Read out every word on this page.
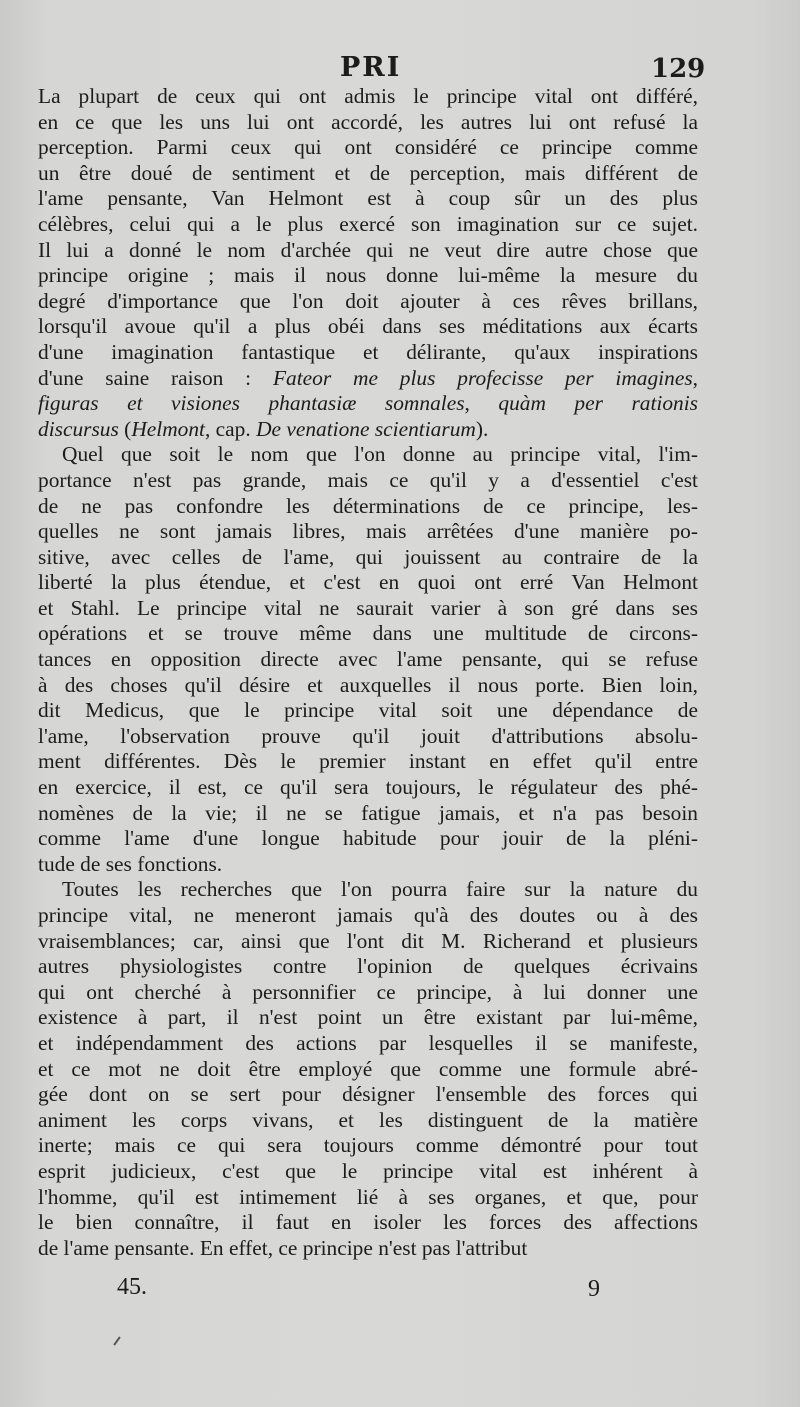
PRI	129
La plupart de ceux qui ont admis le principe vital ont différé,
en ce que les uns lui ont accordé, les autres lui ont refusé la
perception. Parmi ceux qui ont considéré ce principe comme
un être doué de sentiment et de perception, mais différent de
l'ame pensante, Van Helmont est à coup sûr un des plus
célèbres, celui qui a le plus exercé son imagination sur ce sujet.
Il lui a donné le nom d'archée qui ne veut dire autre chose que
principe origine ; mais il nous donne lui-même la mesure du
degré d'importance que l'on doit ajouter à ces rêves brillans,
lorsqu'il avoue qu'il a plus obéi dans ses méditations aux écarts
d'une imagination fantastique et délirante, qu'aux inspirations
d'une saine raison : Fateor me plus profecisse per imagines,
figuras et visiones phantasiæ somnales, quàm per rationis
discursus (Helmont, cap. De venatione scientiarum).
Quel que soit le nom que l'on donne au principe vital, l'im-
portance n'est pas grande, mais ce qu'il y a d'essentiel c'est
de ne pas confondre les déterminations de ce principe, les-
quelles ne sont jamais libres, mais arrêtées d'une manière po-
sitive, avec celles de l'ame, qui jouissent au contraire de la
liberté la plus étendue, et c'est en quoi ont erré Van Helmont
et Stahl. Le principe vital ne saurait varier à son gré dans ses
opérations et se trouve même dans une multitude de circons-
tances en opposition directe avec l'ame pensante, qui se refuse
à des choses qu'il désire et auxquelles il nous porte. Bien loin,
dit Medicus, que le principe vital soit une dépendance de
l'ame, l'observation prouve qu'il jouit d'attributions absolu-
ment différentes. Dès le premier instant en effet qu'il entre
en exercice, il est, ce qu'il sera toujours, le régulateur des phé-
nomènes de la vie; il ne se fatigue jamais, et n'a pas besoin
comme l'ame d'une longue habitude pour jouir de la pléni-
tude de ses fonctions.
Toutes les recherches que l'on pourra faire sur la nature du
principe vital, ne meneront jamais qu'à des doutes ou à des
vraisemblances; car, ainsi que l'ont dit M. Richerand et plusieurs
autres physiologistes contre l'opinion de quelques écrivains
qui ont cherché à personnifier ce principe, à lui donner une
existence à part, il n'est point un être existant par lui-même,
et indépendamment des actions par lesquelles il se manifeste,
et ce mot ne doit être employé que comme une formule abré-
gée dont on se sert pour désigner l'ensemble des forces qui
animent les corps vivans, et les distinguent de la matière
inerte; mais ce qui sera toujours comme démontré pour tout
esprit judicieux, c'est que le principe vital est inhérent à
l'homme, qu'il est intimement lié à ses organes, et que, pour
le bien connaître, il faut en isoler les forces des affections
de l'ame pensante. En effet, ce principe n'est pas l'attribut
45.	9
